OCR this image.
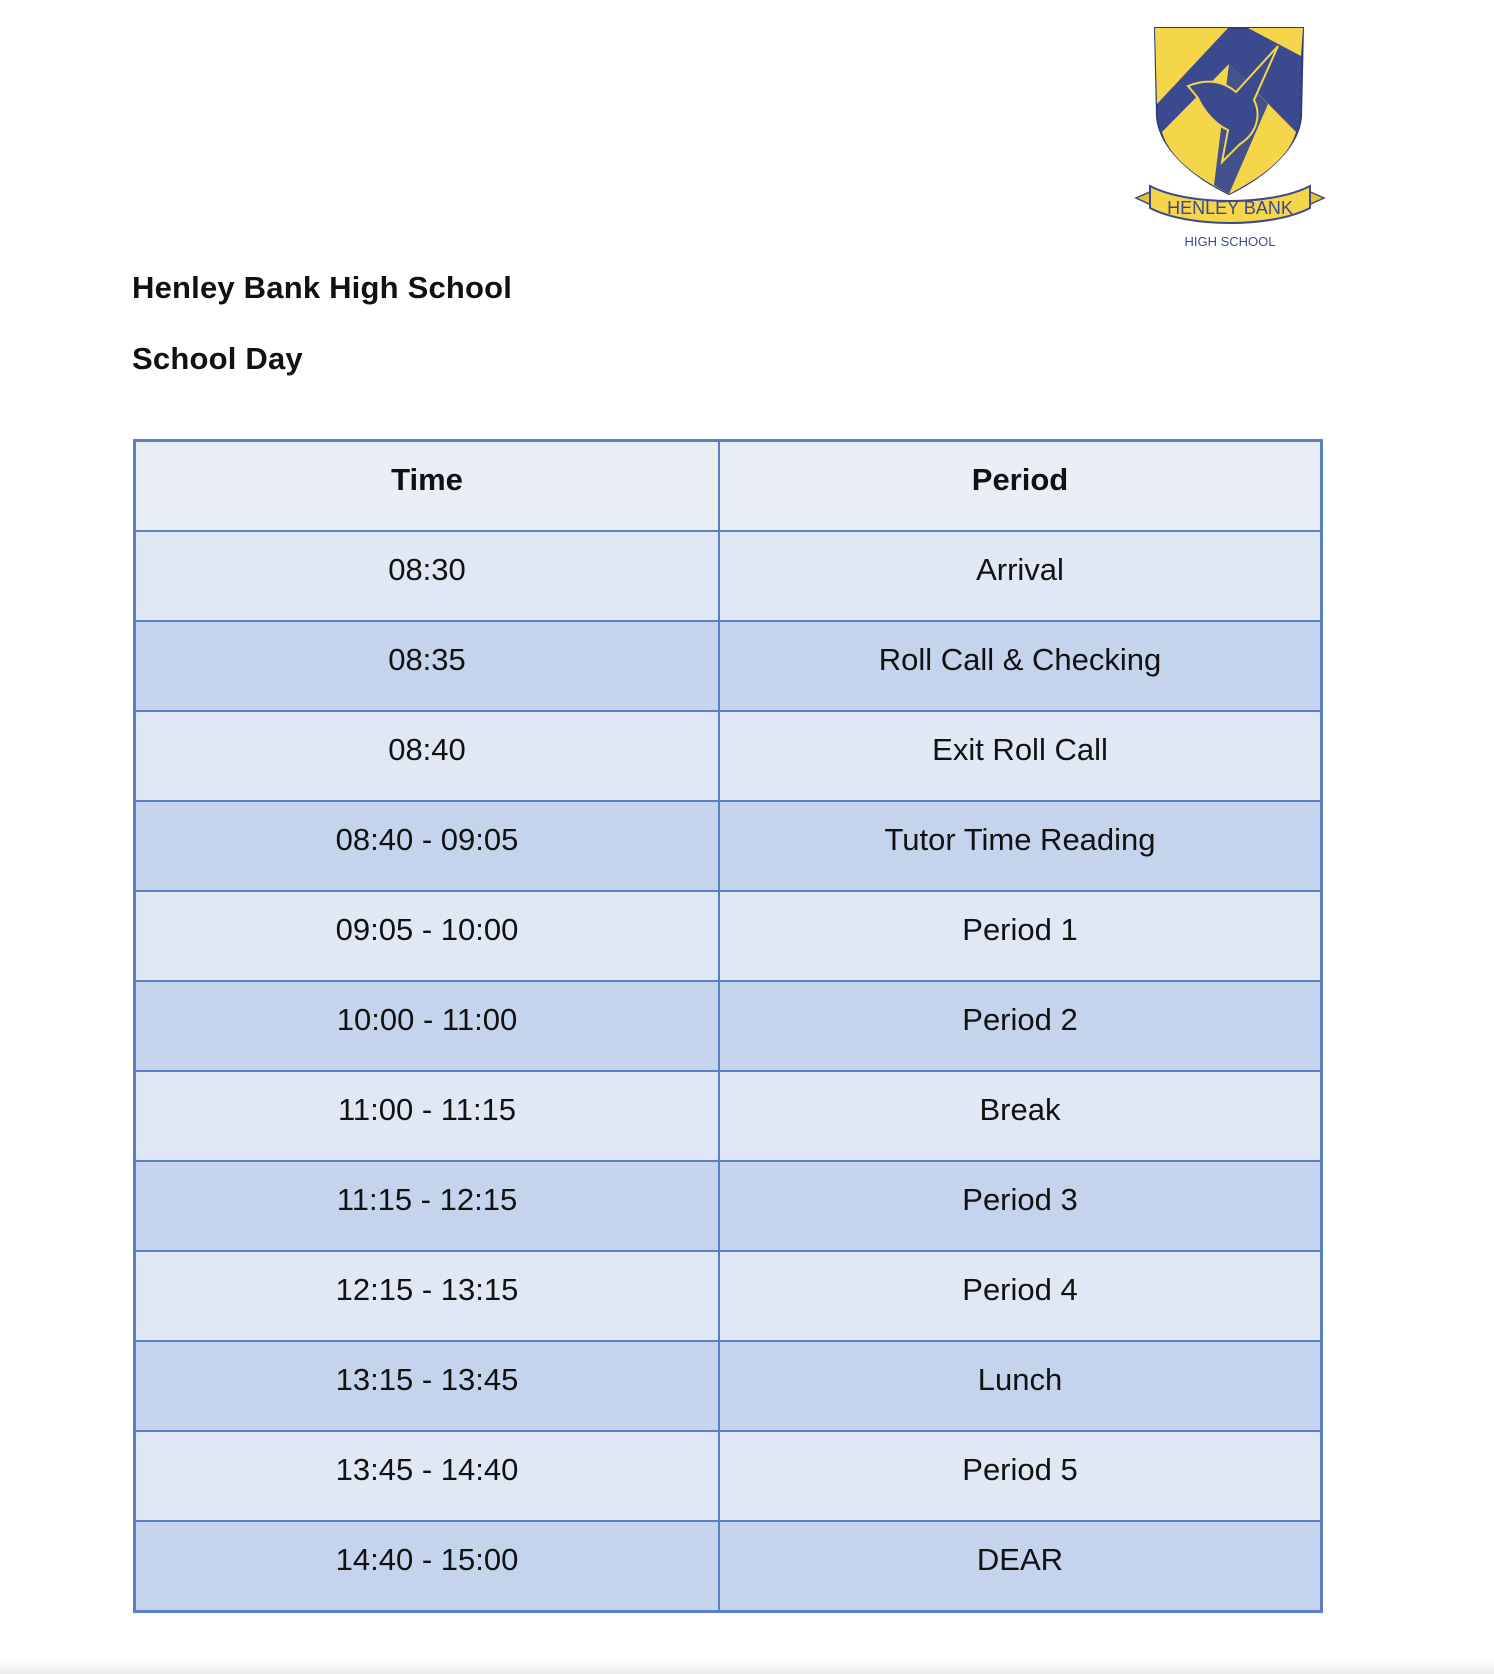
HENLEY BANK
HIGH SCHOOL
Henley Bank High School
School Day
Time	Period

08:30	Arrival

08:35	Roll Call & Checking

08:40	Exit Roll Call

08:40 - 09:05	Tutor Time Reading

09:05 - 10:00	Period 1

10:00 - 11:00	Period 2

11:00 - 11:15	Break

11:15 - 12:15	Period 3

12:15 - 13:15	Period 4

13:15 - 13:45	Lunch

13:45 - 14:40	Period 5

14:40 - 15:00	DEAR
